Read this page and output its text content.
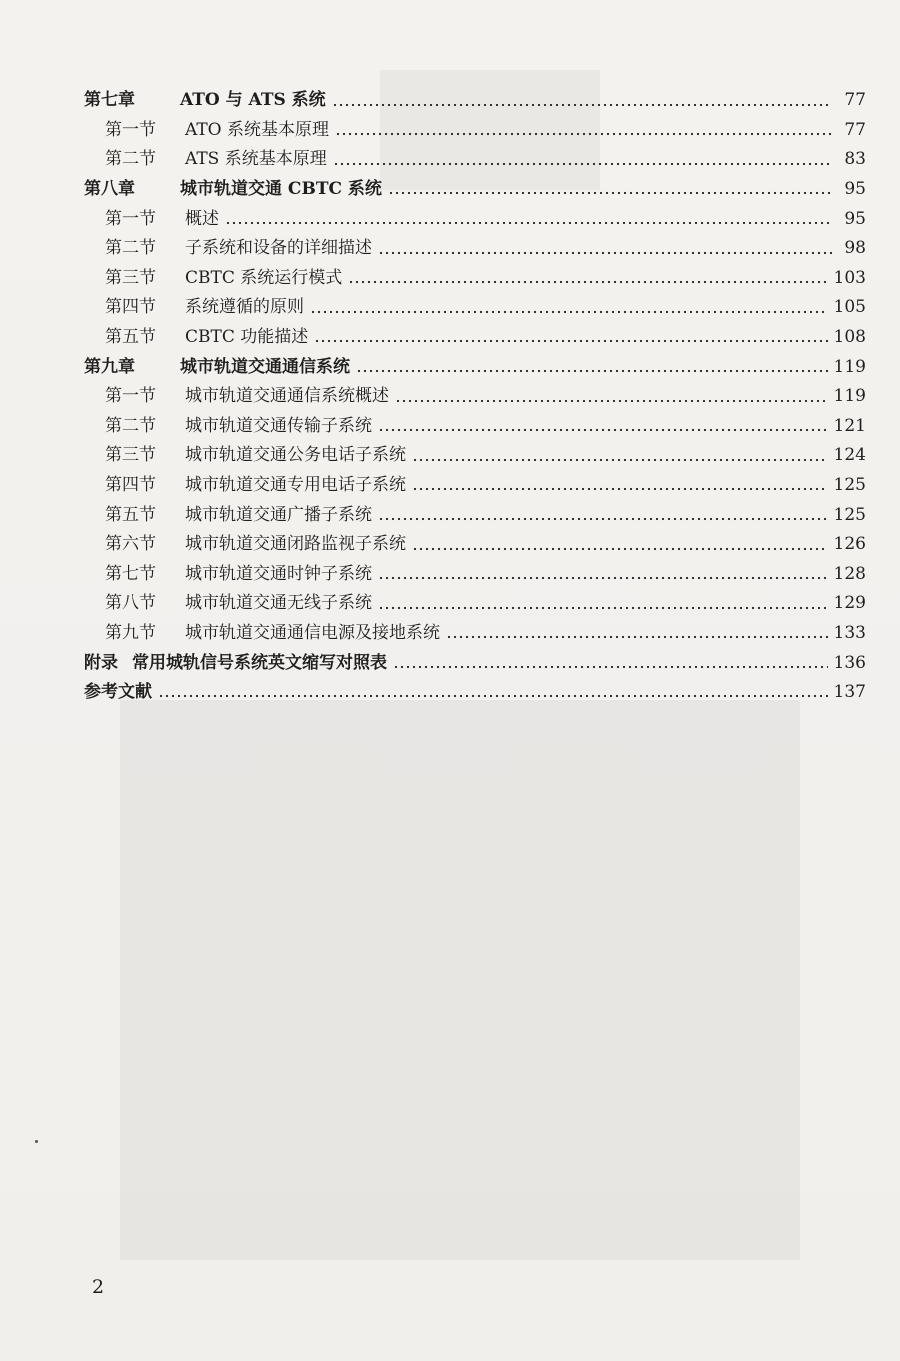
第七章	ATO 与 ATS 系统	77
第一节	ATO 系统基本原理	77
第二节	ATS 系统基本原理	83
第八章	城市轨道交通 CBTC 系统	95
第一节	概述	95
第二节	子系统和设备的详细描述	98
第三节	CBTC 系统运行模式	103
第四节	系统遵循的原则	105
第五节	CBTC 功能描述	108
第九章	城市轨道交通通信系统	119
第一节	城市轨道交通通信系统概述	119
第二节	城市轨道交通传输子系统	121
第三节	城市轨道交通公务电话子系统	124
第四节	城市轨道交通专用电话子系统	125
第五节	城市轨道交通广播子系统	125
第六节	城市轨道交通闭路监视子系统	126
第七节	城市轨道交通时钟子系统	128
第八节	城市轨道交通无线子系统	129
第九节	城市轨道交通通信电源及接地系统	133
附录 常用城轨信号系统英文缩写对照表	136
参考文献	137
2
